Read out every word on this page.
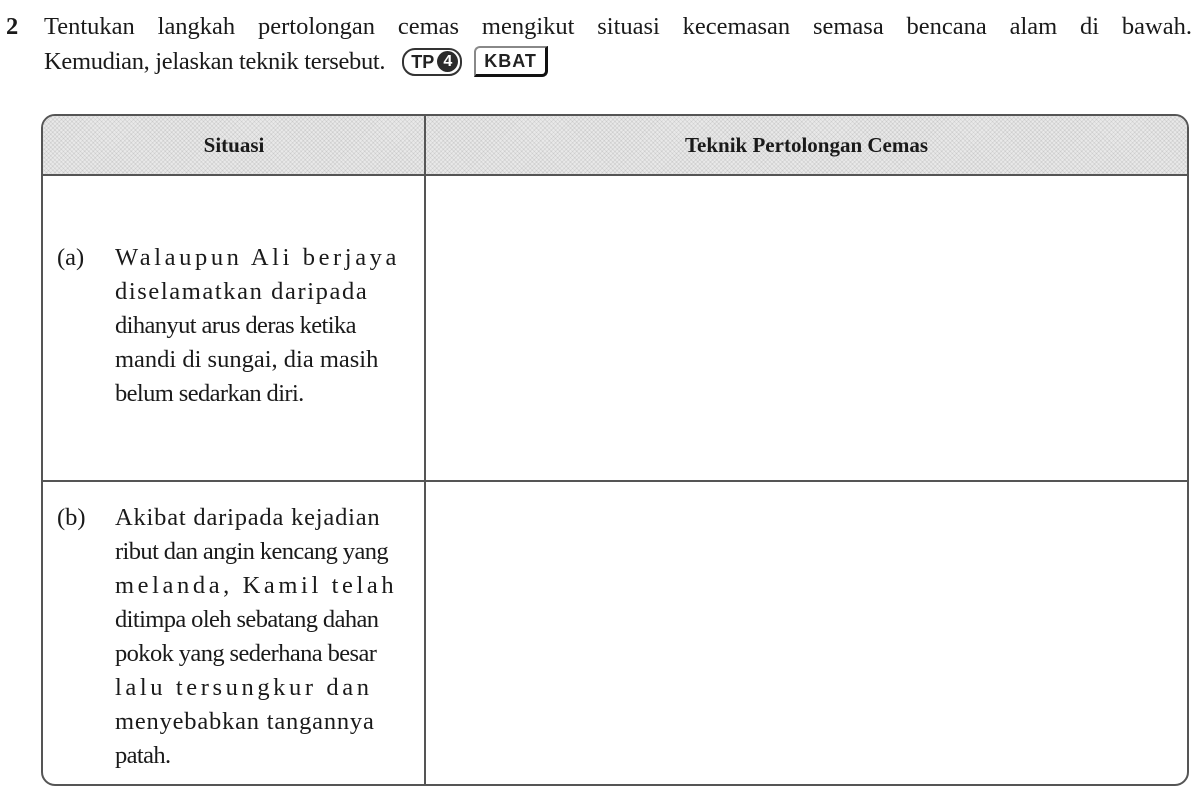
2 Tentukan langkah pertolongan cemas mengikut situasi kecemasan semasa bencana alam di bawah.
Kemudian, jelaskan teknik tersebut. TP 4	KBAT
Situasi	Teknik Pertolongan Cemas
(a) Walaupun Ali berjaya
diselamatkan daripada
dihanyut arus deras ketika
mandi di sungai, dia masih
belum sedarkan diri.
(b) Akibat daripada kejadian
ribut dan angin kencang yang
melanda, Kamil telah
ditimpa oleh sebatang dahan
pokok yang sederhana besar
lalu tersungkur dan
menyebabkan tangannya
patah.
